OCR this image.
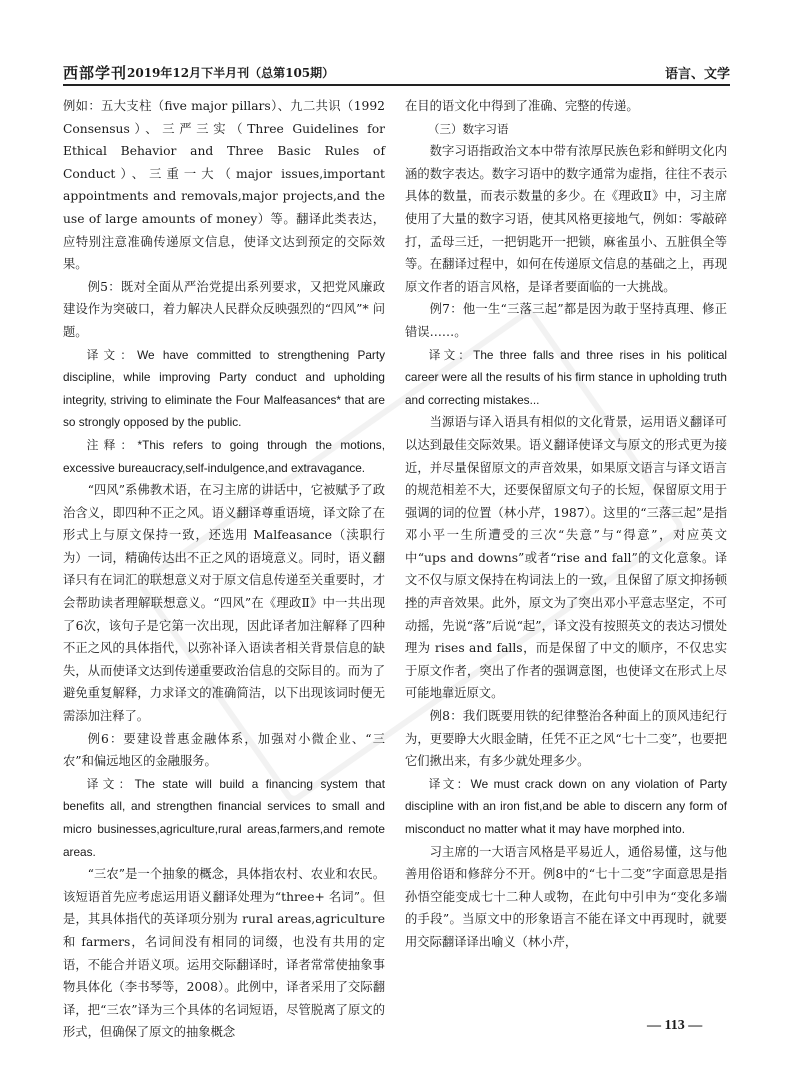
西部学刊 2019年12月下半月刊（总第105期）	语言、文学

例如：五大支柱（five major pillars）、九二共识（1992 Consensus）、三严三实（Three Guidelines for Ethical Behavior and Three Basic Rules of Conduct）、三重一大（major issues,important appointments and removals,major projects,and the use of large amounts of money）等。翻译此类表达，应特别注意准确传递原文信息，使译文达到预定的交际效果。

例5：既对全面从严治党提出系列要求，又把党风廉政建设作为突破口，着力解决人民群众反映强烈的“四风”* 问题。

译文：We have committed to strengthening Party discipline, while improving Party conduct and upholding integrity, striving to eliminate the Four Malfeasances* that are so strongly opposed by the public.

注释：*This refers to going through the motions, excessive bureaucracy,self-indulgence,and extravagance.

“四风”系佛教术语，在习主席的讲话中，它被赋予了政治含义，即四种不正之风。语义翻译尊重语境，译文除了在形式上与原文保持一致，还选用 Malfeasance（渎职行为）一词，精确传达出不正之风的语境意义。同时，语义翻译只有在词汇的联想意义对于原文信息传递至关重要时，才会帮助读者理解联想意义。“四风”在《理政Ⅱ》中一共出现了6次，该句子是它第一次出现，因此译者加注解释了四种不正之风的具体指代，以弥补译入语读者相关背景信息的缺失，从而使译文达到传递重要政治信息的交际目的。而为了避免重复解释，力求译文的准确简洁，以下出现该词时便无需添加注释了。

例6：要建设普惠金融体系，加强对小微企业、“三农”和偏远地区的金融服务。

译文：The state will build a financing system that benefits all, and strengthen financial services to small and micro businesses,agriculture,rural areas,farmers,and remote areas.

“三农”是一个抽象的概念，具体指农村、农业和农民。该短语首先应考虑运用语义翻译处理为“three+ 名词”。但是，其具体指代的英译项分别为 rural areas,agriculture 和 farmers，名词间没有相同的词缀，也没有共用的定语，不能合并语义项。运用交际翻译时，译者常常使抽象事物具体化（李书琴等，2008）。此例中，译者采用了交际翻译，把“三农”译为三个具体的名词短语，尽管脱离了原文的形式，但确保了原文的抽象概念

在目的语文化中得到了准确、完整的传递。

（三）数字习语

数字习语指政治文本中带有浓厚民族色彩和鲜明文化内涵的数字表达。数字习语中的数字通常为虚指，往往不表示具体的数量，而表示数量的多少。在《理政Ⅱ》中，习主席使用了大量的数字习语，使其风格更接地气，例如：零敲碎打，孟母三迁，一把钥匙开一把锁，麻雀虽小、五脏俱全等等。在翻译过程中，如何在传递原文信息的基础之上，再现原文作者的语言风格，是译者要面临的一大挑战。

例7：他一生“三落三起”都是因为敢于坚持真理、修正错误……。

译文：The three falls and three rises in his political career were all the results of his firm stance in upholding truth and correcting mistakes...

当源语与译入语具有相似的文化背景，运用语义翻译可以达到最佳交际效果。语义翻译使译文与原文的形式更为接近，并尽量保留原文的声音效果，如果原文语言与译文语言的规范相差不大，还要保留原文句子的长短，保留原文用于强调的词的位置（林小芹，1987）。这里的“三落三起”是指邓小平一生所遭受的三次“失意”与“得意”，对应英文中“ups and downs”或者“rise and fall”的文化意象。译文不仅与原文保持在构词法上的一致，且保留了原文抑扬顿挫的声音效果。此外，原文为了突出邓小平意志坚定，不可动摇，先说“落”后说“起”，译文没有按照英文的表达习惯处理为 rises and falls，而是保留了中文的顺序，不仅忠实于原文作者，突出了作者的强调意图，也使译文在形式上尽可能地靠近原文。

例8：我们既要用铁的纪律整治各种面上的顶风违纪行为，更要睁大火眼金睛，任凭不正之风“七十二变”，也要把它们揪出来，有多少就处理多少。

译文：We must crack down on any violation of Party discipline with an iron fist,and be able to discern any form of misconduct no matter what it may have morphed into.

习主席的一大语言风格是平易近人，通俗易懂，这与他善用俗语和修辞分不开。例8中的“七十二变”字面意思是指孙悟空能变成七十二种人或物，在此句中引申为“变化多端的手段”。当原文中的形象语言不能在译文中再现时，就要用交际翻译译出喻义（林小芹，

— 113 —
